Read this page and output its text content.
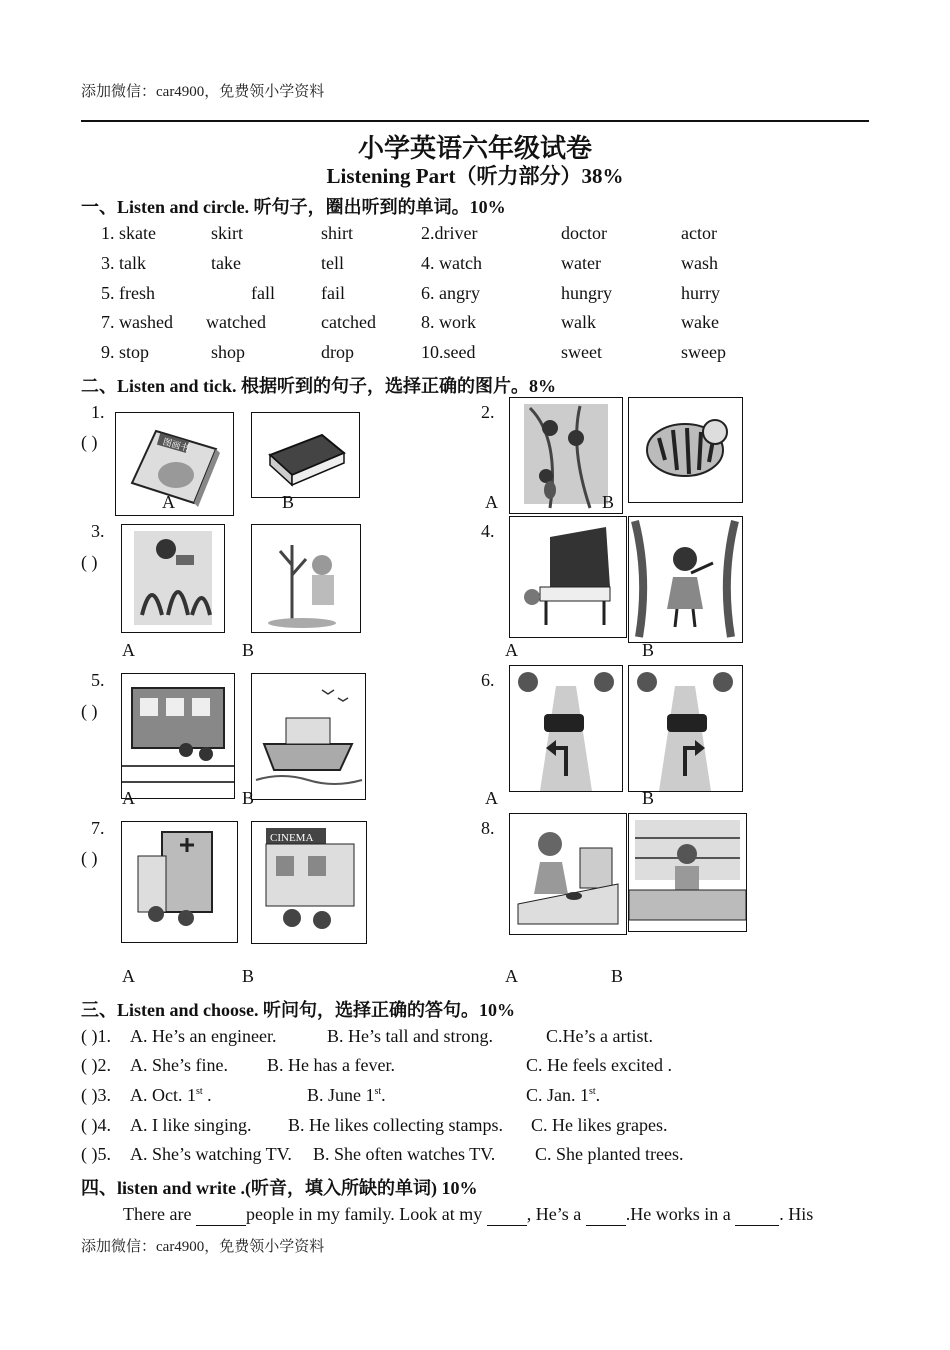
添加微信：car4900，免费领小学资料
小学英语六年级试卷
Listening Part（听力部分）38%
一、Listen and circle. 听句子，圈出听到的单词。10%
1. skate	skirt	shirt	2.driver	doctor	actor
3. talk	take	tell	4. watch	water	wash
5. fresh	fall	fail	6. angry	hungry	hurry
7. washed watched	catched	8. work	walk	wake
9. stop	shop	drop	10.seed	sweet	sweep
二、Listen and tick. 根据听到的句子，选择正确的图片。8%
1.
( )	图画书
A	B
2.
A	B
3.
( )
A	B
4.
A	B
5.
( )
A	B
6.
A	B
7.
( )
CINEMA
A	B
8.
A	B
三、Listen and choose. 听问句，选择正确的答句。10%
( )1. A. He’s an engineer.	B. He’s tall and strong.	C.He’s a artist.
( )2. A. She’s fine. B. He has a fever.	C. He feels excited .
( )3. A. Oct. 1st .	B. June 1st.	C. Jan. 1st.
( )4. A. I like singing. B. He likes collecting stamps. C. He likes grapes.
( )5. A. She’s watching TV. B. She often watches TV. C. She planted trees.
四、listen and write .(听音，填入所缺的单词) 10%
There are	people in my family. Look at my  , He’s a  .He works in a  . His
添加微信：car4900，免费领小学资料
